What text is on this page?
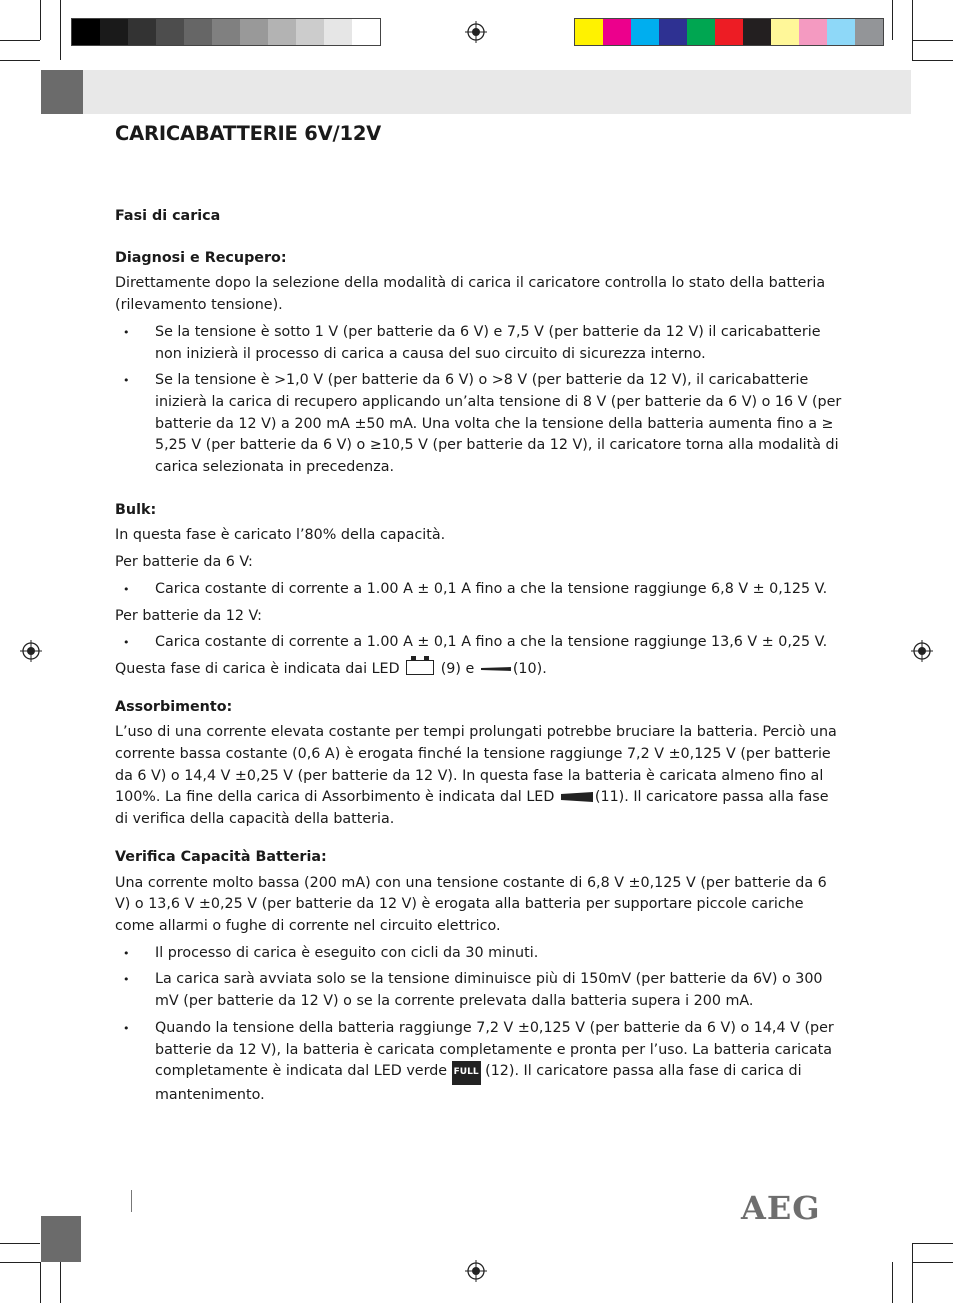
CARICABATTERIE 6V/12V

Fasi di carica

Diagnosi e Recupero:

Direttamente dopo la selezione della modalità di carica il caricatore controlla lo stato della batteria (rilevamento tensione).

• Se la tensione è sotto 1 V (per batterie da 6 V) e 7,5 V (per batterie da 12 V) il caricabatterie non inizierà il processo di carica a causa del suo circuito di sicurezza interno.
• Se la tensione è >1,0 V (per batterie da 6 V) o >8 V (per batterie da 12 V), il caricabatterie inizierà la carica di recupero applicando un’alta tensione di 8 V (per batterie da 6 V) o 16 V (per batterie da 12 V) a 200 mA ±50 mA. Una volta che la tensione della batteria aumenta fino a ≥ 5,25 V (per batterie da 6 V) o ≥10,5 V (per batterie da 12 V), il caricatore torna alla modalità di carica selezionata in precedenza.

Bulk:

In questa fase è caricato l’80% della capacità.

Per batterie da 6 V:

• Carica costante di corrente a 1.00 A ± 0,1 A fino a che la tensione raggiunge 6,8 V ± 0,125 V.

Per batterie da 12 V:

• Carica costante di corrente a 1.00 A ± 0,1 A fino a che la tensione raggiunge 13,6 V ± 0,25 V.

Questa fase di carica è indicata dai LED	(9) e	(10).

Assorbimento:

L’uso di una corrente elevata costante per tempi prolungati potrebbe bruciare la batteria. Perciò una corrente bassa costante (0,6 A) è erogata finché la tensione raggiunge 7,2 V ±0,125 V (per batterie da 6 V) o 14,4 V ±0,25 V (per batterie da 12 V). In questa fase la batteria è caricata almeno fino al 100%. La fine della carica di Assorbimento è indicata dal LED	(11). Il caricatore passa alla fase di verifica della capacità della batteria.

Verifica Capacità Batteria:

Una corrente molto bassa (200 mA) con una tensione costante di 6,8 V ±0,125 V (per batterie da 6 V) o 13,6 V ±0,25 V (per batterie da 12 V) è erogata alla batteria per supportare piccole cariche come allarmi o fughe di corrente nel circuito elettrico.

• Il processo di carica è eseguito con cicli da 30 minuti.
• La carica sarà avviata solo se la tensione diminuisce più di 150mV (per batterie da 6V) o 300 mV (per batterie da 12 V) o se la corrente prelevata dalla batteria supera i 200 mA.
• Quando la tensione della batteria raggiunge 7,2 V ±0,125 V (per batterie da 6 V) o 14,4 V (per batterie da 12 V), la batteria è caricata completamente e pronta per l’uso. La batteria caricata completamente è indicata dal LED verde FULL (12). Il caricatore passa alla fase di carica di mantenimento.
AEG
